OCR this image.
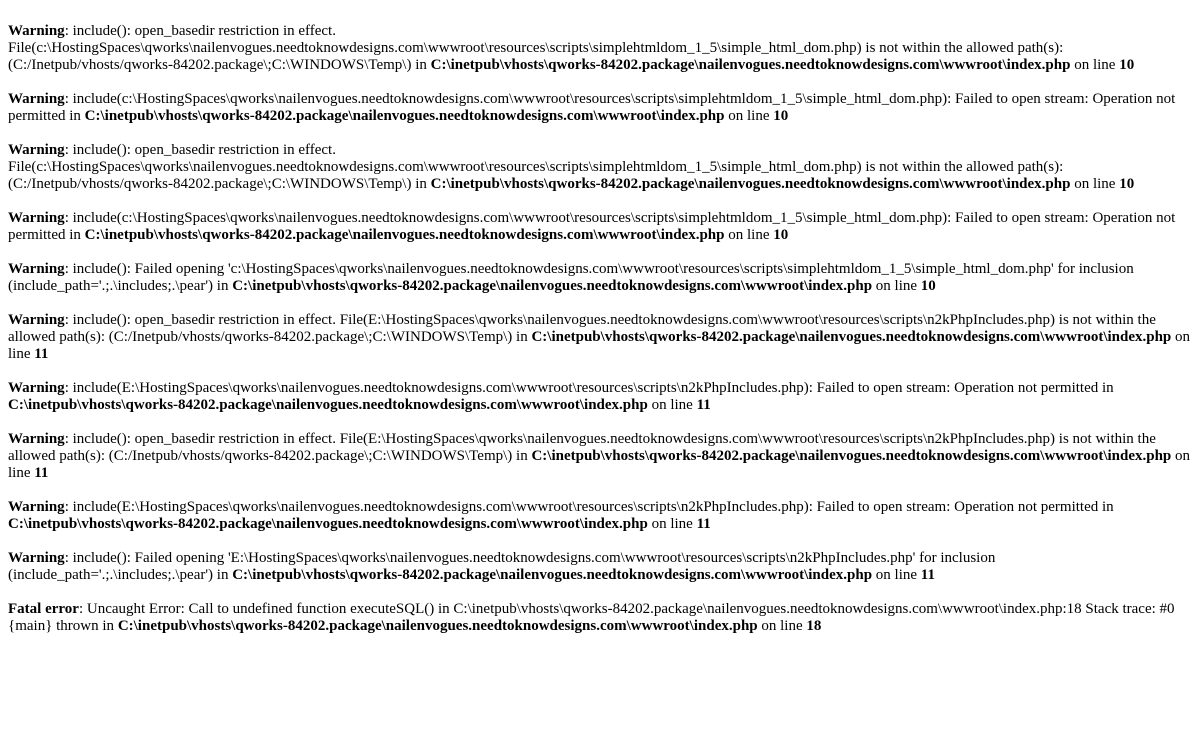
Warning: include(): open_basedir restriction in effect. File(c:\HostingSpaces\qworks\nailenvogues.needtoknowdesigns.com\wwwroot\resources\scripts\simplehtmldom_1_5\simple_html_dom.php) is not within the allowed path(s): (C:/Inetpub/vhosts/qworks-84202.package\;C:\WINDOWS\Temp\) in C:\inetpub\vhosts\qworks-84202.package\nailenvogues.needtoknowdesigns.com\wwwroot\index.php on line 10
Warning: include(c:\HostingSpaces\qworks\nailenvogues.needtoknowdesigns.com\wwwroot\resources\scripts\simplehtmldom_1_5\simple_html_dom.php): Failed to open stream: Operation not permitted in C:\inetpub\vhosts\qworks-84202.package\nailenvogues.needtoknowdesigns.com\wwwroot\index.php on line 10
Warning: include(): open_basedir restriction in effect. File(c:\HostingSpaces\qworks\nailenvogues.needtoknowdesigns.com\wwwroot\resources\scripts\simplehtmldom_1_5\simple_html_dom.php) is not within the allowed path(s): (C:/Inetpub/vhosts/qworks-84202.package\;C:\WINDOWS\Temp\) in C:\inetpub\vhosts\qworks-84202.package\nailenvogues.needtoknowdesigns.com\wwwroot\index.php on line 10
Warning: include(c:\HostingSpaces\qworks\nailenvogues.needtoknowdesigns.com\wwwroot\resources\scripts\simplehtmldom_1_5\simple_html_dom.php): Failed to open stream: Operation not permitted in C:\inetpub\vhosts\qworks-84202.package\nailenvogues.needtoknowdesigns.com\wwwroot\index.php on line 10
Warning: include(): Failed opening 'c:\HostingSpaces\qworks\nailenvogues.needtoknowdesigns.com\wwwroot\resources\scripts\simplehtmldom_1_5\simple_html_dom.php' for inclusion (include_path='.;.\includes;.\pear') in C:\inetpub\vhosts\qworks-84202.package\nailenvogues.needtoknowdesigns.com\wwwroot\index.php on line 10
Warning: include(): open_basedir restriction in effect. File(E:\HostingSpaces\qworks\nailenvogues.needtoknowdesigns.com\wwwroot\resources\scripts\n2kPhpIncludes.php) is not within the allowed path(s): (C:/Inetpub/vhosts/qworks-84202.package\;C:\WINDOWS\Temp\) in C:\inetpub\vhosts\qworks-84202.package\nailenvogues.needtoknowdesigns.com\wwwroot\index.php on line 11
Warning: include(E:\HostingSpaces\qworks\nailenvogues.needtoknowdesigns.com\wwwroot\resources\scripts\n2kPhpIncludes.php): Failed to open stream: Operation not permitted in C:\inetpub\vhosts\qworks-84202.package\nailenvogues.needtoknowdesigns.com\wwwroot\index.php on line 11
Warning: include(): open_basedir restriction in effect. File(E:\HostingSpaces\qworks\nailenvogues.needtoknowdesigns.com\wwwroot\resources\scripts\n2kPhpIncludes.php) is not within the allowed path(s): (C:/Inetpub/vhosts/qworks-84202.package\;C:\WINDOWS\Temp\) in C:\inetpub\vhosts\qworks-84202.package\nailenvogues.needtoknowdesigns.com\wwwroot\index.php on line 11
Warning: include(E:\HostingSpaces\qworks\nailenvogues.needtoknowdesigns.com\wwwroot\resources\scripts\n2kPhpIncludes.php): Failed to open stream: Operation not permitted in C:\inetpub\vhosts\qworks-84202.package\nailenvogues.needtoknowdesigns.com\wwwroot\index.php on line 11
Warning: include(): Failed opening 'E:\HostingSpaces\qworks\nailenvogues.needtoknowdesigns.com\wwwroot\resources\scripts\n2kPhpIncludes.php' for inclusion (include_path='.;.\includes;.\pear') in C:\inetpub\vhosts\qworks-84202.package\nailenvogues.needtoknowdesigns.com\wwwroot\index.php on line 11
Fatal error: Uncaught Error: Call to undefined function executeSQL() in C:\inetpub\vhosts\qworks-84202.package\nailenvogues.needtoknowdesigns.com\wwwroot\index.php:18 Stack trace: #0 {main} thrown in C:\inetpub\vhosts\qworks-84202.package\nailenvogues.needtoknowdesigns.com\wwwroot\index.php on line 18
